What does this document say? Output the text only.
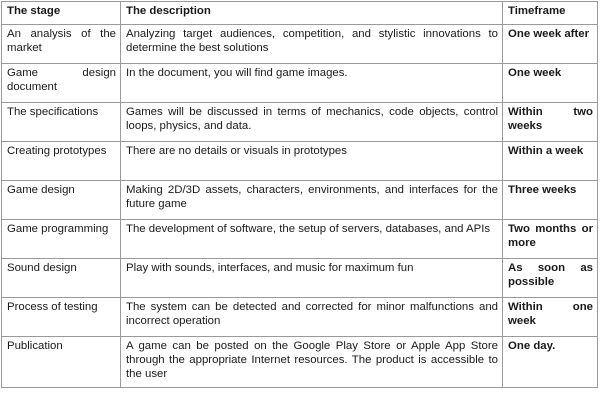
The stage	The description	Timeframe
An analysis of the market	Analyzing target audiences, competition, and stylistic innovations to determine the best solutions	One week after
Game design document	In the document, you will find game images.	One week
The specifications	Games will be discussed in terms of mechanics, code objects, control loops, physics, and data.	Within two weeks
Creating prototypes	There are no details or visuals in prototypes	Within a week
Game design	Making 2D/3D assets, characters, environments, and interfaces for the future game	Three weeks
Game programming	The development of software, the setup of servers, databases, and APIs	Two months or more
Sound design	Play with sounds, interfaces, and music for maximum fun	As soon as possible
Process of testing	The system can be detected and corrected for minor malfunctions and incorrect operation	Within one week
Publication	A game can be posted on the Google Play Store or Apple App Store through the appropriate Internet resources. The product is accessible to the user	One day.
